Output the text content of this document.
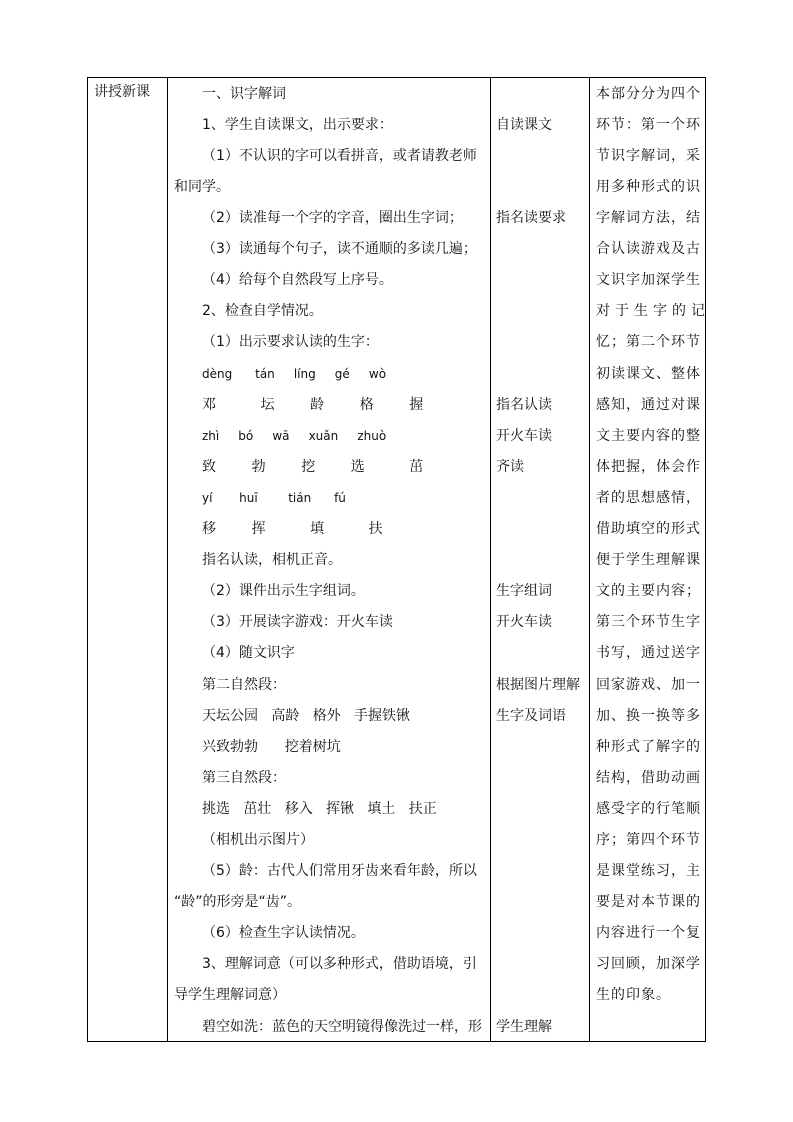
讲授新课	一、识字解词
1、学生自读课文，出示要求：
（1）不认识的字可以看拼音，或者请教老师
和同学。
（2）读准每一个字的字音，圈出生字词；
（3）读通每个句子，读不通顺的多读几遍；
（4）给每个自然段写上序号。
2、检查自学情况。
（1）出示要求认读的生字：
dèng      tán     líng     gé     wò
邓          坛        龄        格        握
zhì     bó     wā     xuǎn     zhuò
致        勃        挖        选          茁
yí       huī        tián      fú
移        挥          填          扶
指名认读，相机正音。
（2）课件出示生字组词。
（3）开展读字游戏：开火车读
（4）随文识字
第二自然段：
天坛公园   高龄   格外   手握铁锹
兴致勃勃      挖着树坑
第三自然段：
挑选   茁壮   移入   挥锹   填土   扶正
（相机出示图片）
（5）龄：古代人们常用牙齿来看年龄，所以
“龄”的形旁是“齿”。
（6）检查生字认读情况。
3、理解词意（可以多种形式，借助语境，引
导学生理解词意）
碧空如洗：蓝色的天空明镜得像洗过一样，形
自读课文
指名读要求
指名认读
开火车读
齐读
生字组词
开火车读
根据图片理解
生字及词语
学生理解
本部分分为四个
环节：第一个环
节识字解词，采
用多种形式的识
字解词方法，结
合认读游戏及古
文识字加深学生
对于生字的记
忆；第二个环节
初读课文、整体
感知，通过对课
文主要内容的整
体把握，体会作
者的思想感情，
借助填空的形式
便于学生理解课
文的主要内容；
第三个环节生字
书写，通过送字
回家游戏、加一
加、换一换等多
种形式了解字的
结构，借助动画
感受字的行笔顺
序；第四个环节
是课堂练习，主
要是对本节课的
内容进行一个复
习回顾，加深学
生的印象。
